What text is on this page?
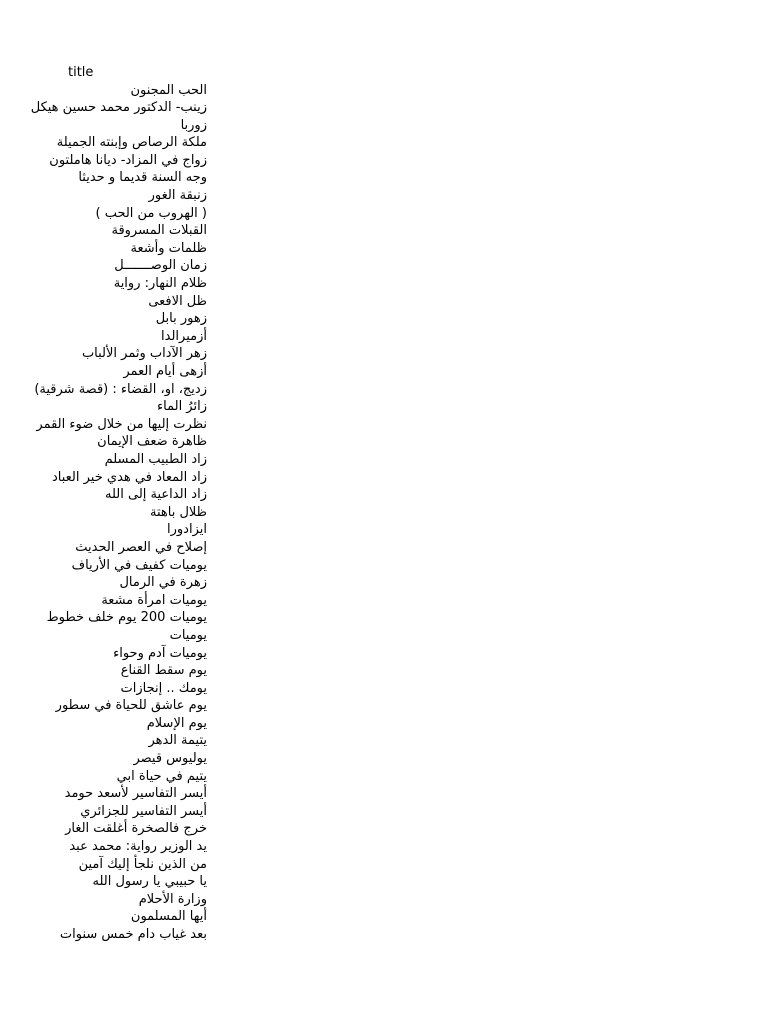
title
الحب المجنون
زينب- الدكتور محمد حسين هيكل
زوربا
ملكة الرصاص وإبنته الجميلة
زواج في المزاد- ديانا هاملتون
وجه السنة قديما و حديثا
زنبقة الغور
( الهروب من الحب )
القبلات المسروقة
ظلمات وأشعة
زمان الوصـــــــل
ظلام النهار: رواية
ظل الافعى
زهور بابل
أزميرالدا
زهر الآداب وثمر الألباب
أزهى أيام العمر
زديج، او، القضاء : (قصة شرقية)
زائرُ الماء
نظرت إليها من خلال ضوء القمر
ظاهرة ضعف الإيمان
زاد الطبيب المسلم
زاد المعاد في هدي خير العباد
زاد الداعية إلى الله
ظلال باهتة
ايزادورا
إصلاح في العصر الحديث
يوميات كفيف في الأرياف
زهرة في الرمال
يوميات امرأة مشعة
يوميات 200 يوم خلف خطوط
يوميات
يوميات آدم وحواء
يوم سقط القناع
يومك .. إنجازات
يوم عاشق للحياة في سطور
يوم الإسلام
يتيمة الدهر
يوليوس قيصر
يتيم في حياة ابي
أيسر التفاسير لأسعد حومد
أيسر التفاسير للجزائري
خرج فالصخرة أغلقت الغار
يد الوزير رواية: محمد عبد
من الذين نلجأ إليك آمين
يا حبيبي يا رسول الله
وزارة الأحلام
أيها المسلمون
بعد غياب دام خمس سنوات
